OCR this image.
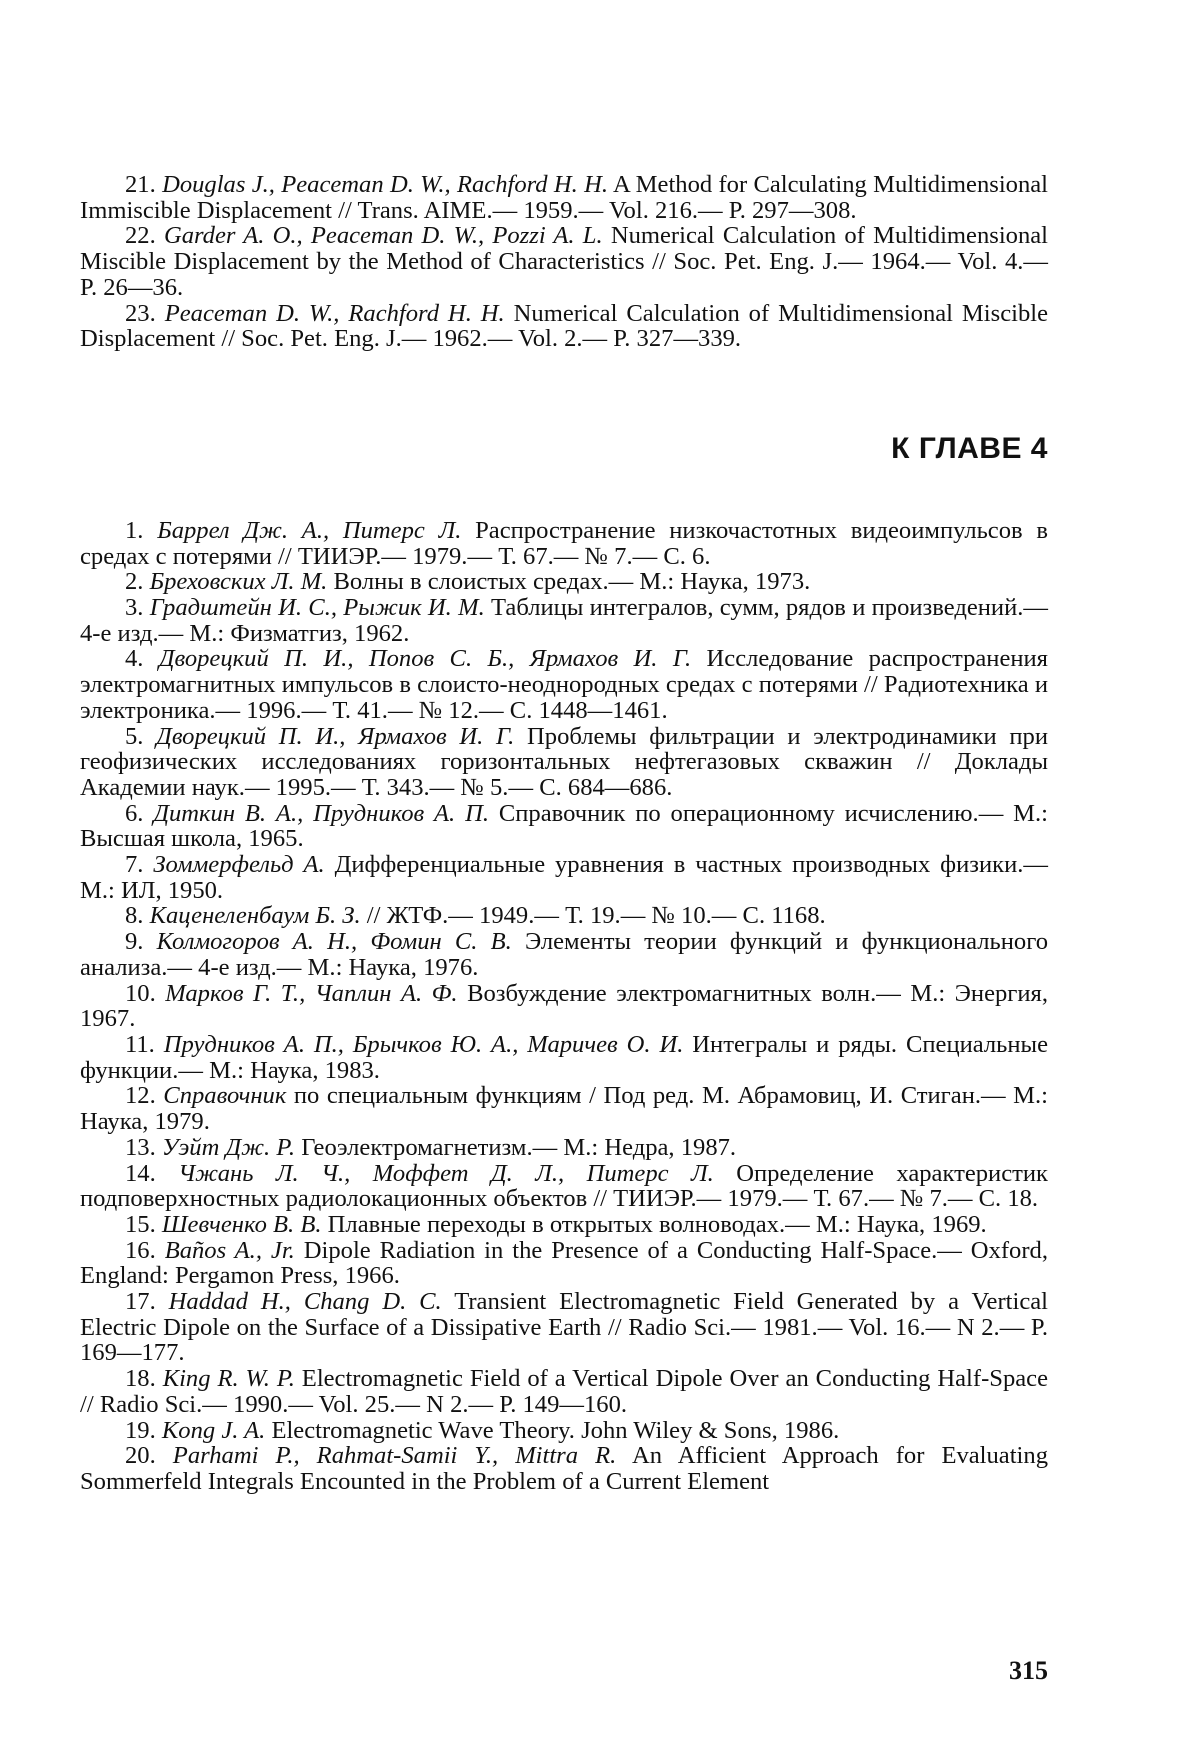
21. Douglas J., Peaceman D. W., Rachford H. H. A Method for Calculating Multidimensional Immiscible Displacement // Trans. AIME.— 1959.— Vol. 216.— P. 297—308.

22. Garder A. O., Peaceman D. W., Pozzi A. L. Numerical Calculation of Multidimensional Miscible Displacement by the Method of Characteristics // Soc. Pet. Eng. J.— 1964.— Vol. 4.— P. 26—36.

23. Peaceman D. W., Rachford H. H. Numerical Calculation of Multidimensional Miscible Displacement // Soc. Pet. Eng. J.— 1962.— Vol. 2.— P. 327—339.

К ГЛАВЕ 4

1. Баррел Дж. А., Питерс Л. Распространение низкочастотных видеоимпульсов в средах с потерями // ТИИЭР.— 1979.— Т. 67.— № 7.— С. 6.

2. Бреховских Л. М. Волны в слоистых средах.— М.: Наука, 1973.

3. Градштейн И. С., Рыжик И. М. Таблицы интегралов, сумм, рядов и произведений.— 4-е изд.— М.: Физматгиз, 1962.

4. Дворецкий П. И., Попов С. Б., Ярмахов И. Г. Исследование распространения электромагнитных импульсов в слоисто-неоднородных средах с потерями // Радиотехника и электроника.— 1996.— Т. 41.— № 12.— С. 1448—1461.

5. Дворецкий П. И., Ярмахов И. Г. Проблемы фильтрации и электродинамики при геофизических исследованиях горизонтальных нефтегазовых скважин // Доклады Академии наук.— 1995.— Т. 343.— № 5.— С. 684—686.

6. Диткин В. А., Прудников А. П. Справочник по операционному исчислению.— М.: Высшая школа, 1965.

7. Зоммерфельд А. Дифференциальные уравнения в частных производных физики.— М.: ИЛ, 1950.

8. Каценеленбаум Б. З. // ЖТФ.— 1949.— Т. 19.— № 10.— С. 1168.

9. Колмогоров А. Н., Фомин С. В. Элементы теории функций и функционального анализа.— 4-е изд.— М.: Наука, 1976.

10. Марков Г. Т., Чаплин А. Ф. Возбуждение электромагнитных волн.— М.: Энергия, 1967.

11. Прудников А. П., Брычков Ю. А., Маричев О. И. Интегралы и ряды. Специальные функции.— М.: Наука, 1983.

12. Справочник по специальным функциям / Под ред. М. Абрамовиц, И. Стиган.— М.: Наука, 1979.

13. Уэйт Дж. Р. Геоэлектромагнетизм.— М.: Недра, 1987.

14. Чжань Л. Ч., Моффет Д. Л., Питерс Л. Определение характеристик подповерхностных радиолокационных объектов // ТИИЭР.— 1979.— Т. 67.— № 7.— С. 18.

15. Шевченко В. В. Плавные переходы в открытых волноводах.— М.: Наука, 1969.

16. Baños A., Jr. Dipole Radiation in the Presence of a Conducting Half-Space.— Oxford, England: Pergamon Press, 1966.

17. Haddad H., Chang D. C. Transient Electromagnetic Field Generated by a Vertical Electric Dipole on the Surface of a Dissipative Earth // Radio Sci.— 1981.— Vol. 16.— N 2.— P. 169—177.

18. King R. W. P. Electromagnetic Field of a Vertical Dipole Over an Conducting Half-Space // Radio Sci.— 1990.— Vol. 25.— N 2.— P. 149—160.

19. Kong J. A. Electromagnetic Wave Theory. John Wiley & Sons, 1986.

20. Parhami P., Rahmat-Samii Y., Mittra R. An Afficient Approach for Evaluating Sommerfeld Integrals Encounted in the Problem of a Current Element

315
